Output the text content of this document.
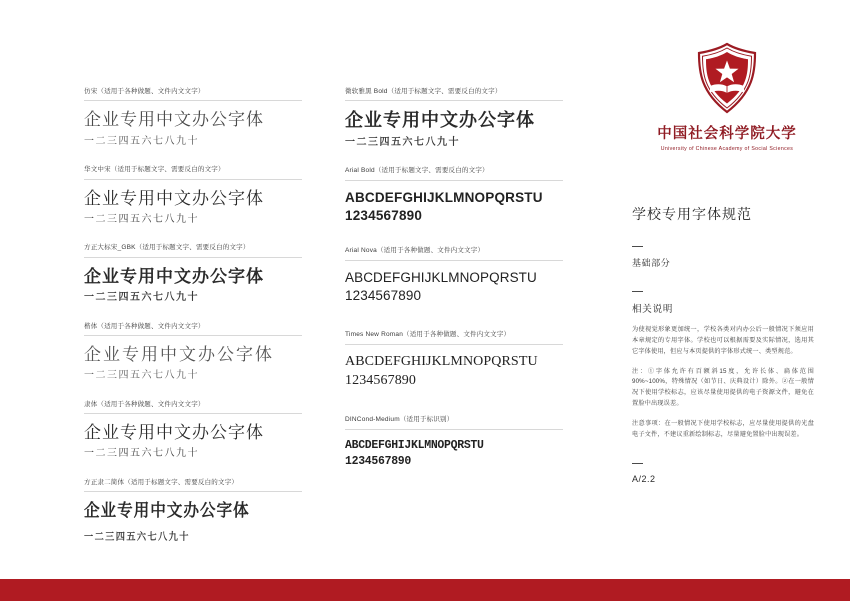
仿宋（适用于各种做题、文件内文文字）
企业专用中文办公字体
一二三四五六七八九十
华文中宋（适用于标题文字、需要反白的文字）
企业专用中文办公字体
一二三四五六七八九十
方正大标宋_GBK（适用于标题文字、需要反白的文字）
企业专用中文办公字体
一二三四五六七八九十
楷体（适用于各种做题、文件内文文字）
企业专用中文办公字体
一二三四五六七八九十
隶体（适用于各种做题、文件内文文字）
企业专用中文办公字体
一二三四五六七八九十
方正隶二简体（适用于标题文字、需要反白的文字）
企业专用中文办公字体 一二三四五六七八九十
微软雅黑 Bold（适用于标题文字、需要反白的文字）
企业专用中文办公字体
一二三四五六七八九十
Arial Bold（适用于标题文字、需要反白的文字）
ABCDEFGHIJKLMNOPQRSTU
1234567890
Arial Nova（适用于各种做题、文件内文文字）
ABCDEFGHIJKLMNOPQRSTU
1234567890
Times New Roman（适用于各种做题、文件内文文字）
ABCDEFGHIJKLMNOPQRSTU
1234567890
DINCond-Medium（适用于标识别）
ABCDEFGHIJKLMNOPQRSTU
1234567890
中国社会科学院大学
University of Chinese Academy of Social Sciences
学校专用字体规范
基础部分
相关说明

为使视觉形象更加统一，学校各类对内办公后一般情况下须应用本章规定的专用字体。学校也可以根据需要及实际情况，选用其它字体使用，但应与本页提供的字体形式统一、类型规范。

注：①字体允许有百额斜15度，允许长体、扁体范围90%~100%，特殊情况（如节日、庆典设计）除外。②在一般情况下使用学校标志，应该尽量使用提供的电子资源文件，避免在置脸中出现误差。

注意事项：在一般情况下使用学校标志，应尽量使用提供的光盘电子文件，不建议重新绘制标志，尽量避免置脸中出现误差。

A/2.2
